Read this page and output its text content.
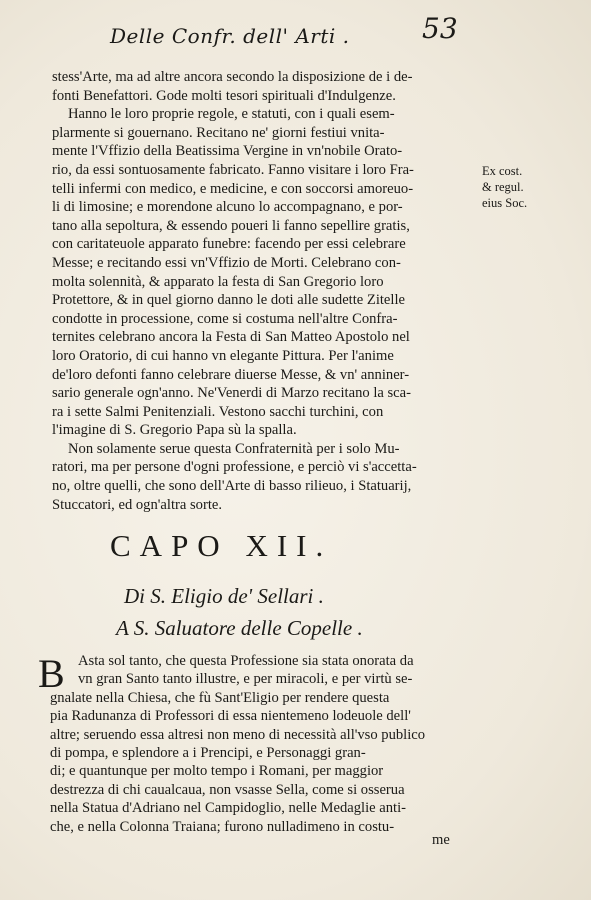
Delle Confr. dell' Arti .	53
stess'Arte, ma ad altre ancora secondo la disposizione de i de-
fonti Benefattori. Gode molti tesori spirituali d'Indulgenze.
Hanno le loro proprie regole, e statuti, con i quali esem-
plarmente si gouernano. Recitano ne' giorni festiui vnita-
mente l'Vffizio della Beatissima Vergine in vn'nobile Orato-
rio, da essi sontuosamente fabricato. Fanno visitare i loro Fra-
telli infermi con medico, e medicine, e con soccorsi amoreuo-
li di limosine; e morendone alcuno lo accompagnano, e por-
tano alla sepoltura, & essendo poueri li fanno sepellire gratis,
con caritateuole apparato funebre: facendo per essi celebrare
Messe; e recitando essi vn'Vffizio de Morti. Celebrano con-
molta solennità, & apparato la festa di San Gregorio loro
Protettore, & in quel giorno danno le doti alle sudette Zitelle
condotte in processione, come si costuma nell'altre Confra-
ternites celebrano ancora la Festa di San Matteo Apostolo nel
loro Oratorio, di cui hanno vn elegante Pittura. Per l'anime
de'loro defonti fanno celebrare diuerse Messe, & vn' anniner-
sario generale ogn'anno. Ne'Venerdi di Marzo recitano la sca-
ra i sette Salmi Penitenziali. Vestono sacchi turchini, con
l'imagine di S. Gregorio Papa sù la spalla.
Non solamente serue questa Confraternità per i solo Mu-
ratori, ma per persone d'ogni professione, e perciò vi s'accetta-
no, oltre quelli, che sono dell'Arte di basso rilieuo, i Statuarij,
Stuccatori, ed ogn'altra sorte.
Ex cost.
& regul.
eius Soc.
CAPO XII.
Di S. Eligio de' Sellari .
A S. Saluatore delle Copelle .
B Asta sol tanto, che questa Professione sia stata onorata da
vn gran Santo tanto illustre, e per miracoli, e per virtù se-
gnalate nella Chiesa, che fù Sant'Eligio per rendere questa
pia Radunanza di Professori di essa nientemeno lodeuole dell'
altre; seruendo essa altresi non meno di necessità all'vso publico
di pompa, e splendore a i Prencipi, e Personaggi gran-
di; e quantunque per molto tempo i Romani, per maggior
destrezza di chi caualcaua, non vsasse Sella, come si osserua
nella Statua d'Adriano nel Campidoglio, nelle Medaglie anti-
che, e nella Colonna Traiana; furono nulladimeno in costu-
me
